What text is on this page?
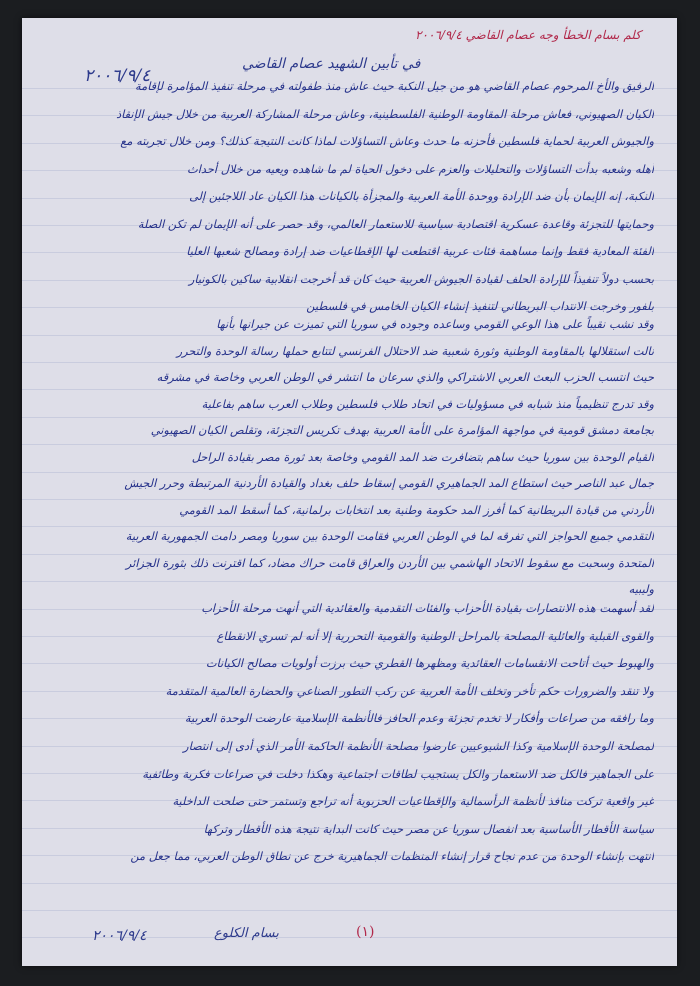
كلم بسام الخطأ وجه عصام القاضي ٢٠٠٦/٩/٤
٢٠٠٦/٩/٤
في تأبين الشهيد عصام القاضي
الرفيق والأخ المرحوم عصام القاضي هو من جيل النكبة حيث عاش منذ طفولته في مرحلة تنفيذ المؤامرة لإقامة
الكيان الصهيوني، فعاش مرحلة المقاومة الوطنية الفلسطينية، وعاش مرحلة المشاركة العربية من خلال جيش الإنقاذ
والجيوش العربية لحماية فلسطين فأحزنه ما حدث وعاش التساؤلات لماذا كانت النتيجة كذلك؟ ومن خلال تجربته مع
أهله وشعبه بدأت التساؤلات والتحليلات والعزم على دخول الحياة لم ما شاهده ويعيه من خلال أحداث
النكبة، إنه الإيمان بأن ضد الإرادة ووحدة الأمة العربية والمجزأة بالكيانات هذا الكيان عاد اللاجئين إلى
وحمايتها للتجزئة وقاعدة عسكرية اقتصادية سياسية للاستعمار العالمي، وقد حصر على أنه الإيمان لم تكن الصلة
الفئة المعادية فقط وإنما مساهمة فئات عربية اقتطعت لها الإقطاعيات ضد إرادة ومصالح شعبها العليا
بحسب دولاً تنفيذاً للإرادة الحلف لقيادة الجيوش العربية حيث كان قد أخرجت انقلابية ساكين بالكونيار
بلفور وخرجت الانتداب البريطاني لتنفيذ إنشاء الكيان الخامس في فلسطين
وقد نشب نقيباً على هذا الوعي القومي وساعده وجوده في سوريا التي تميزت عن جيرانها بأنها
نالت استقلالها بالمقاومة الوطنية وثورة شعبية ضد الاحتلال الفرنسي لتتابع حملها رسالة الوحدة والتحرر
حيث انتسب الحزب البعث العربي الاشتراكي والذي سرعان ما انتشر في الوطن العربي وخاصة في مشرقه
وقد تدرج تنظيمياً منذ شبابه في مسؤوليات في اتحاد طلاب فلسطين وطلاب العرب ساهم بفاعلية
بجامعة دمشق قومية في مواجهة المؤامرة على الأمة العربية بهدف تكريس التجزئة، وتقلص الكيان الصهيوني
القيام الوحدة بين سوريا حيث ساهم بتضافرت ضد المد القومي وخاصة بعد ثورة مصر بقيادة الراحل
جمال عبد الناصر حيث استطاع المد الجماهيري القومي إسقاط حلف بغداد والقيادة الأردنية المرتبطة وحرر الجيش
الأردني من قيادة البريطانية كما أفرز المد حكومة وطنية بعد انتخابات برلمانية، كما أسقط المد القومي
التقدمي جميع الحواجز التي تفرقه لما في الوطن العربي فقامت الوحدة بين سوريا ومصر دامت الجمهورية العربية
المتحدة وسحبت مع سقوط الاتحاد الهاشمي بين الأردن والعراق قامت حراك مضاد، كما اقترنت ذلك بثورة الجزائر
وليبيه
لقد أسهمت هذه الانتصارات بقيادة الأحزاب والفئات التقدمية والعقائدية التي أنهت مرحلة الأحزاب
والقوى القبلية والعائلية المصلحة بالمراحل الوطنية والقومية التحررية إلا أنه لم تسري الانقطاع
والهبوط حيث أتاحت الانقسامات العقائدية ومظهرها القطري حيث برزت أولويات مصالح الكيانات
ولا تنقد والضرورات حكم تأخر وتخلف الأمة العربية عن ركب التطور الصناعي والحضارة العالمية المتقدمة
وما رافقه من صراعات وأفكار لا تخدم تجزئة وعدم الحافز فالأنظمة الإسلامية عارضت الوحدة العربية
لمصلحة الوحدة الإسلامية وكذا الشيوعيين عارضوا مصلحة الأنظمة الحاكمة الأمر الذي أدى إلى انتصار
على الجماهير فالكل ضد الاستعمار والكل يستجيب لطاقات اجتماعية وهكذا دخلت في صراعات فكرية وطائفية
غير واقعية تركت منافذ لأنظمة الرأسمالية والإقطاعيات الحزبوية أنه تراجع وتستمر حتى صلحت الداخلية
سياسة الأقطار الأساسية بعد انفصال سوريا عن مصر حيث كانت البداية نتيجة هذه الأقطار وتركها
انتهت بإنشاء الوحدة من عدم نجاح قرار إنشاء المنظمات الجماهيرية خرج عن نطاق الوطن العربي، مما جعل من
٢٠٠٦/٩/٤	بسام الكلوع	(١)
